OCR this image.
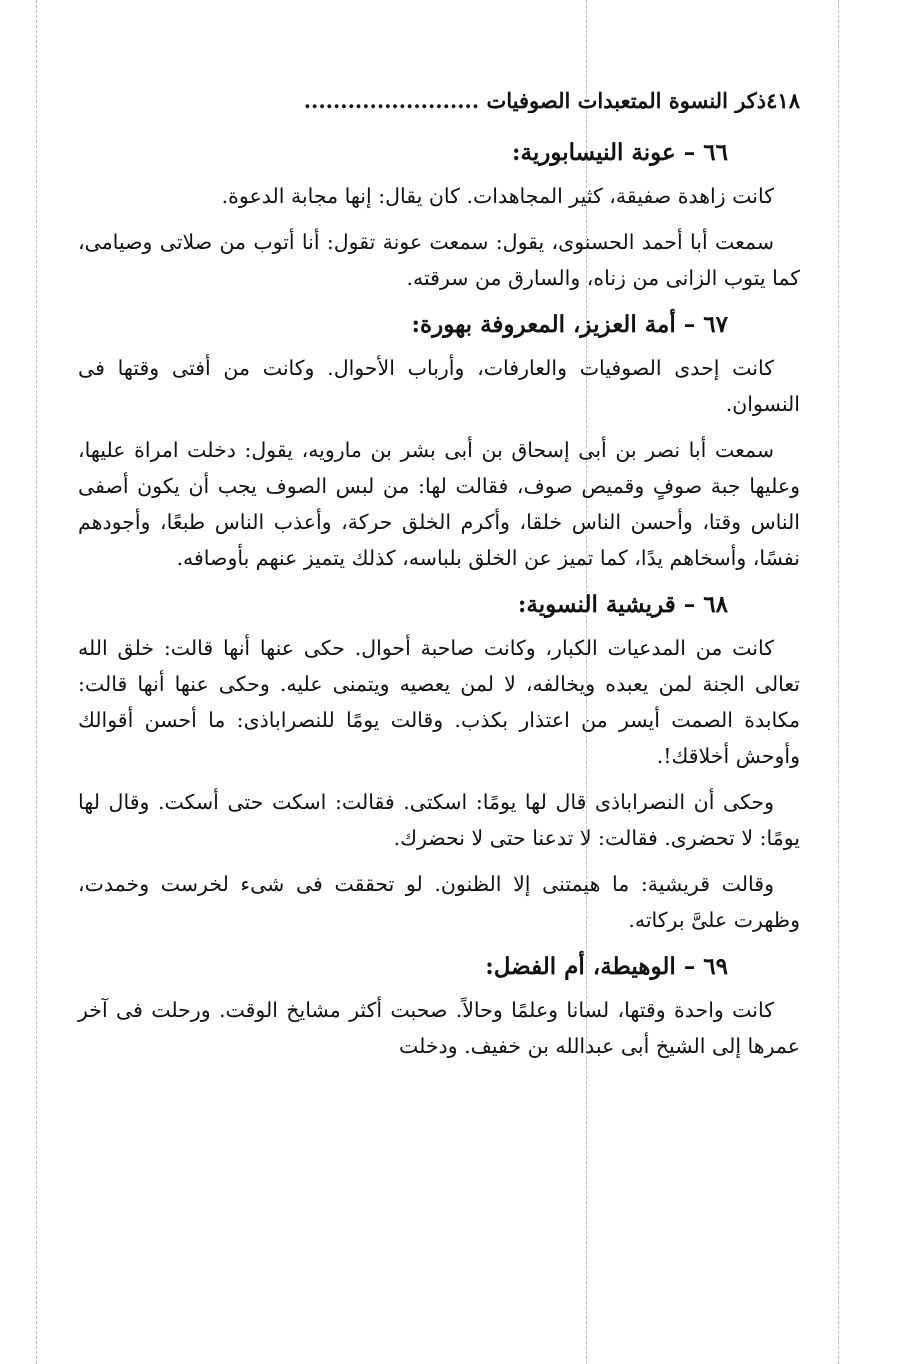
٤١٨
ذكر النسوة المتعبدات الصوفيات ........................
٦٦ – عونة النيسابورية:

كانت زاهدة صفيقة، كثير المجاهدات. كان يقال: إنها مجابة الدعوة.

سمعت أبا أحمد الحسنوى، يقول: سمعت عونة تقول: أنا أتوب من صلاتى وصيامى، كما يتوب الزانى من زناه، والسارق من سرقته.

٦٧ – أمة العزيز، المعروفة بهورة:

كانت إحدى الصوفيات والعارفات، وأرباب الأحوال. وكانت من أفتى وقتها فى النسوان.

سمعت أبا نصر بن أبى إسحاق بن أبى بشر بن مارويه، يقول: دخلت امراة عليها، وعليها جبة صوفٍ وقميص صوف، فقالت لها: من لبس الصوف يجب أن يكون أصفى الناس وقتا، وأحسن الناس خلقا، وأكرم الخلق حركة، وأعذب الناس طبعًا، وأجودهم نفسًا، وأسخاهم يدًا، كما تميز عن الخلق بلباسه، كذلك يتميز عنهم بأوصافه.

٦٨ – قريشية النسوية:

كانت من المدعيات الكبار، وكانت صاحبة أحوال. حكى عنها أنها قالت: خلق الله تعالى الجنة لمن يعبده ويخالفه، لا لمن يعصيه ويتمنى عليه. وحكى عنها أنها قالت: مكابدة الصمت أيسر من اعتذار بكذب. وقالت يومًا للنصراباذى: ما أحسن أقوالك وأوحش أخلاقك!.

وحكى أن النصراباذى قال لها يومًا: اسكتى. فقالت: اسكت حتى أسكت. وقال لها يومًا: لا تحضرى. فقالت: لا تدعنا حتى لا نحضرك.

وقالت قريشية: ما هيمتنى إلا الظنون. لو تحققت فى شىء لخرست وخمدت، وظهرت علىَّ بركاته.

٦٩ – الوهيطة، أم الفضل:

كانت واحدة وقتها، لسانا وعلمًا وحالاً. صحبت أكثر مشايخ الوقت. ورحلت فى آخر عمرها إلى الشيخ أبى عبدالله بن خفيف. ودخلت
